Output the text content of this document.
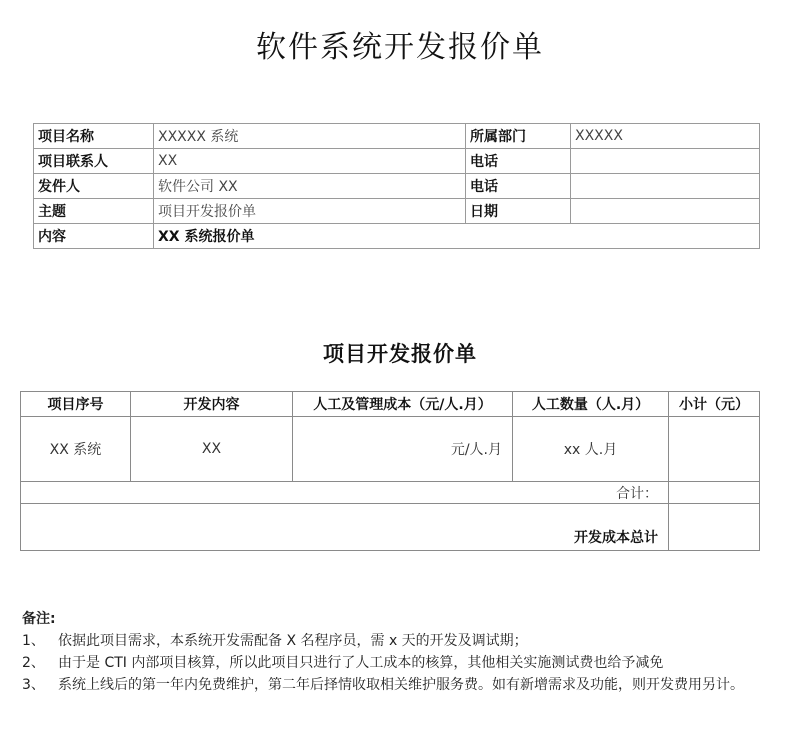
软件系统开发报价单
项目名称	XXXXX 系统	所属部门	XXXXX
项目联系人	XX	电话	
发件人	软件公司 XX	电话	
主题	项目开发报价单	日期	
内容	XX 系统报价单		
项目开发报价单
项目序号	开发内容	人工及管理成本（元/人.月）	人工数量（人.月）	小计（元）
XX 系统	XX	元/人.月	xx 人.月	
合计：				
开发成本总计				
备注:
1、 依据此项目需求，本系统开发需配备 X 名程序员，需 x 天的开发及调试期；
2、 由于是 CTI 内部项目核算，所以此项目只进行了人工成本的核算，其他相关实施测试费也给予减免
3、 系统上线后的第一年内免费维护，第二年后择情收取相关维护服务费。如有新增需求及功能，则开发费用另计。
